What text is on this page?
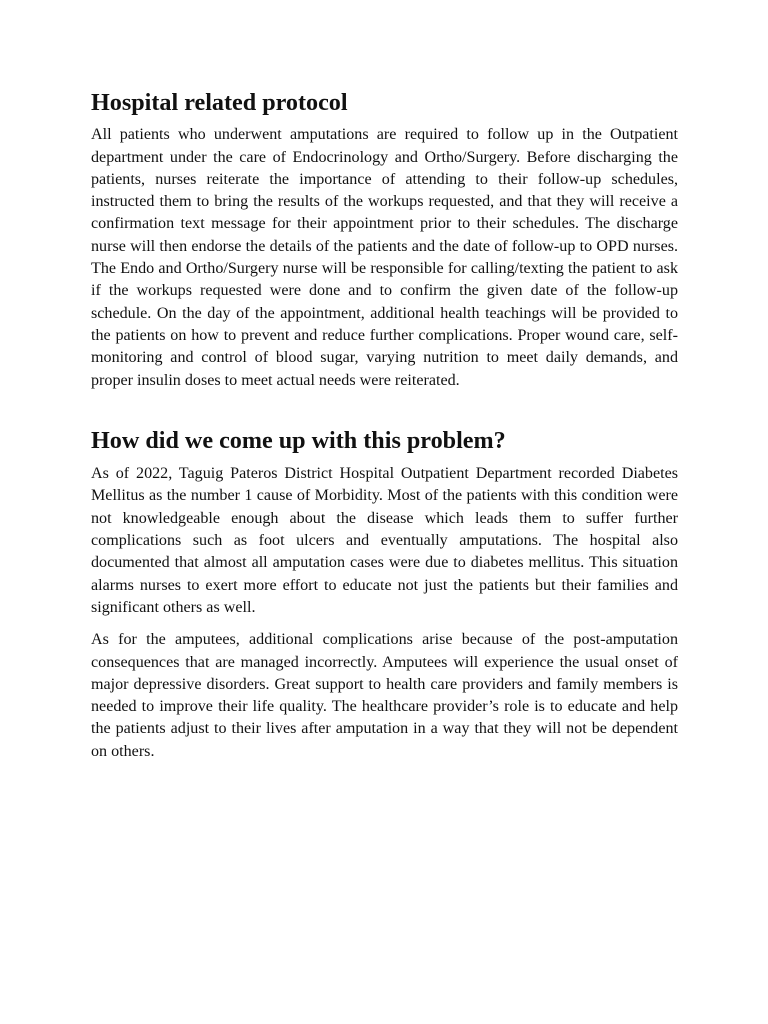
Hospital related protocol

All patients who underwent amputations are required to follow up in the Outpatient department under the care of Endocrinology and Ortho/Surgery. Before discharging the patients, nurses reiterate the importance of attending to their follow-up schedules, instructed them to bring the results of the workups requested, and that they will receive a confirmation text message for their appointment prior to their schedules. The discharge nurse will then endorse the details of the patients and the date of follow-up to OPD nurses. The Endo and Ortho/Surgery nurse will be responsible for calling/texting the patient to ask if the workups requested were done and to confirm the given date of the follow-up schedule. On the day of the appointment, additional health teachings will be provided to the patients on how to prevent and reduce further complications. Proper wound care, self-monitoring and control of blood sugar, varying nutrition to meet daily demands, and proper insulin doses to meet actual needs were reiterated.

How did we come up with this problem?

As of 2022, Taguig Pateros District Hospital Outpatient Department recorded Diabetes Mellitus as the number 1 cause of Morbidity. Most of the patients with this condition were not knowledgeable enough about the disease which leads them to suffer further complications such as foot ulcers and eventually amputations. The hospital also documented that almost all amputation cases were due to diabetes mellitus. This situation alarms nurses to exert more effort to educate not just the patients but their families and significant others as well.

As for the amputees, additional complications arise because of the post-amputation consequences that are managed incorrectly. Amputees will experience the usual onset of major depressive disorders. Great support to health care providers and family members is needed to improve their life quality. The healthcare provider’s role is to educate and help the patients adjust to their lives after amputation in a way that they will not be dependent on others.
